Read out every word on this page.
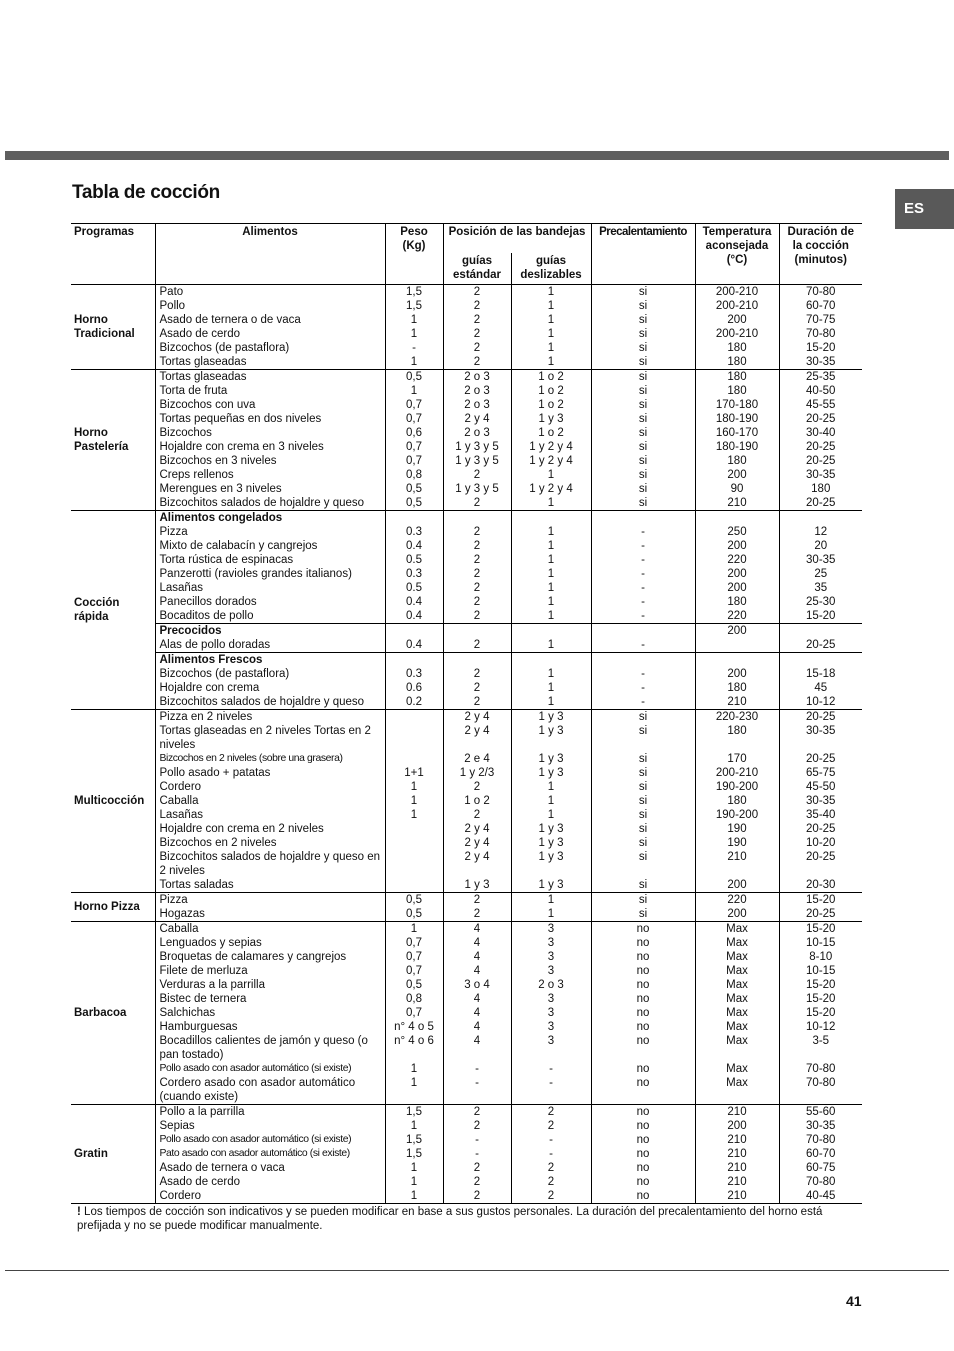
Tabla de cocción
ES
Programas	Alimentos	Peso (Kg)	Posición de las bandejas		Precalentamiento	Temperatura aconsejada (°C)	Duración de la cocción (minutos)
			guías estándar	guías deslizables			
Horno Tradicional	Pato	1,5	2	1	si	200-210	70-80
	Pollo	1,5	2	1	si	200-210	60-70
	Asado de ternera o de vaca	1	2	1	si	200	70-75
	Asado de cerdo	1	2	1	si	200-210	70-80
	Bizcochos (de pastaflora)	-	2	1	si	180	15-20
	Tortas glaseadas	1	2	1	si	180	30-35
Horno Pastelería	Tortas glaseadas	0,5	2 o 3	1 o 2	si	180	25-35
	Torta de fruta	1	2 o 3	1 o 2	si	180	40-50
	Bizcochos con uva	0,7	2 o 3	1 o 2	si	170-180	45-55
	Tortas pequeñas en dos niveles	0,7	2 y 4	1 y 3	si	180-190	20-25
	Bizcochos	0,6	2 o 3	1 o 2	si	160-170	30-40
	Hojaldre con crema en 3 niveles	0,7	1 y 3 y 5	1 y 2 y 4	si	180-190	20-25
	Bizcochos en 3 niveles	0,7	1 y 3 y 5	1 y 2 y 4	si	180	20-25
	Creps rellenos	0,8	2	1	si	200	30-35
	Merengues en 3 niveles	0,5	1 y 3 y 5	1 y 2 y 4	si	90	180
	Bizcochitos salados de hojaldre y queso	0,5	2	1	si	210	20-25
Cocción rápida	Alimentos congelados						
	Pizza	0.3	2	1	-	250	12
	Mixto de calabacín y cangrejos	0.4	2	1	-	200	20
	Torta rústica de espinacas	0.5	2	1	-	220	30-35
	Panzerotti (ravioles grandes italianos)	0.3	2	1	-	200	25
	Lasañas	0.5	2	1	-	200	35
	Panecillos dorados	0.4	2	1	-	180	25-30
	Bocaditos de pollo	0.4	2	1	-	220	15-20
	Precocidos					200	
	Alas de pollo doradas	0.4	2	1	-		20-25
	Alimentos Frescos						
	Bizcochos (de pastaflora)	0.3	2	1	-	200	15-18
	Hojaldre con crema	0.6	2	1	-	180	45
	Bizcochitos salados de hojaldre y queso	0.2	2	1	-	210	10-12
Multicocción	Pizza en 2 niveles		2 y 4	1 y 3	si	220-230	20-25
	Tortas glaseadas en 2 niveles Tortas en 2 niveles		2 y 4	1 y 3	si	180	30-35
	Bizcochos en 2 niveles (sobre una grasera)		2 e 4	1 y 3	si	170	20-25
	Pollo asado + patatas	1+1	1 y 2/3	1 y 3	si	200-210	65-75
	Cordero	1	2	1	si	190-200	45-50
	Caballa	1	1 o 2	1	si	180	30-35
	Lasañas	1	2	1	si	190-200	35-40
	Hojaldre con crema en 2 niveles		2 y 4	1 y 3	si	190	20-25
	Bizcochos en 2 niveles		2 y 4	1 y 3	si	190	10-20
	Bizcochitos salados de hojaldre y queso en 2 niveles		2 y 4	1 y 3	si	210	20-25
	Tortas saladas		1 y 3	1 y 3	si	200	20-30
Horno Pizza	Pizza	0,5	2	1	si	220	15-20
	Hogazas	0,5	2	1	si	200	20-25
Barbacoa	Caballa	1	4	3	no	Max	15-20
	Lenguados y sepias	0,7	4	3	no	Max	10-15
	Broquetas de calamares y cangrejos	0,7	4	3	no	Max	8-10
	Filete de merluza	0,7	4	3	no	Max	10-15
	Verduras a la parrilla	0,5	3 o 4	2 o 3	no	Max	15-20
	Bistec de ternera	0,8	4	3	no	Max	15-20
	Salchichas	0,7	4	3	no	Max	15-20
	Hamburguesas	n° 4 o 5	4	3	no	Max	10-12
	Bocadillos calientes de jamón y queso (o pan tostado)	n° 4 o 6	4	3	no	Max	3-5
	Pollo asado con asador automático (si existe)	1	-	-	no	Max	70-80
	Cordero asado con asador automático (cuando existe)	1	-	-	no	Max	70-80
Gratin	Pollo a la parrilla	1,5	2	2	no	210	55-60
	Sepias	1	2	2	no	200	30-35
	Pollo asado con asador automático (si existe)	1,5	-	-	no	210	70-80
	Pato asado con asador automático (si existe)	1,5	-	-	no	210	60-70
	Asado de ternera o vaca	1	2	2	no	210	60-75
	Asado de cerdo	1	2	2	no	210	70-80
	Cordero	1	2	2	no	210	40-45
! Los tiempos de cocción son indicativos y se pueden modificar en base a sus gustos personales. La duración del precalentamiento del horno está prefijada y no se puede modificar manualmente.
41
